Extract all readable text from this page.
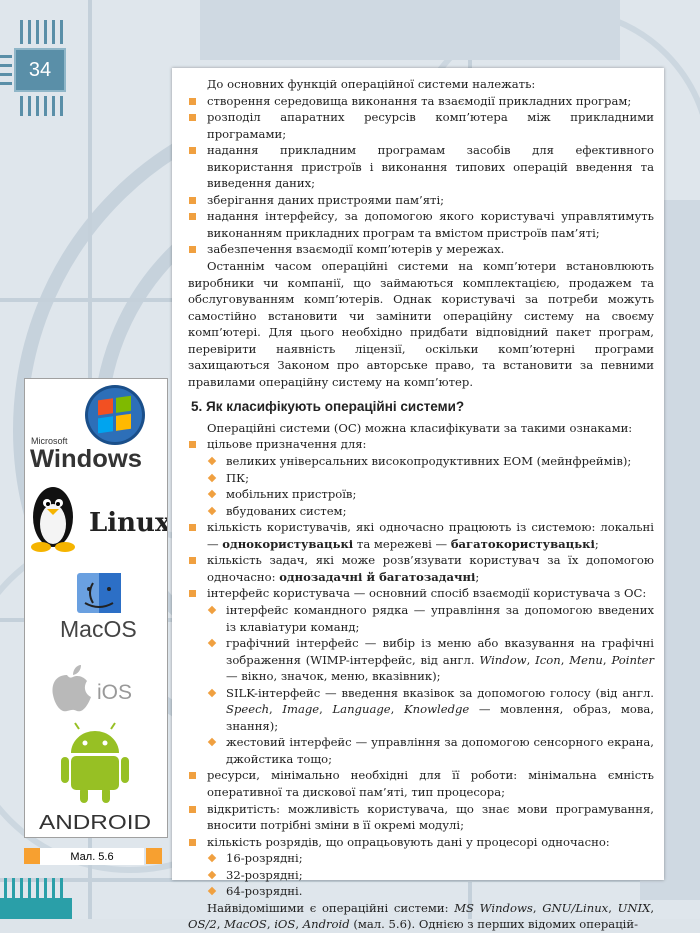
34

До основних функцій операційної системи належать:

створення середовища виконання та взаємодії прикладних програм;

розподіл апаратних ресурсів комп’ютера між прикладними програмами;

надання прикладним програмам засобів для ефективного використання пристроїв і виконання типових операцій введення та виведення даних;

зберігання даних пристроями пам’яті;

надання інтерфейсу, за допомогою якого користувачі управлятимуть виконанням прикладних програм та вмістом пристроїв пам’яті;

забезпечення взаємодії комп’ютерів у мережах.

Останнім часом операційні системи на комп’ютери встановлюють виробники чи компанії, що займаються комплектацією, продажем та обслуговуванням комп’ютерів. Однак користувачі за потреби можуть самостійно встановити чи замінити операційну систему на своєму комп’ютері. Для цього необхідно придбати відповідний пакет програм, перевірити наявність ліцензії, оскільки комп’ютерні програми захищаються Законом про авторське право, та встановити за певними правилами операційну систему на комп’ютер.

5. Як класифікують операційні системи?

Операційні системи (ОС) можна класифікувати за такими ознаками:

цільове призначення для:

великих універсальних високопродуктивних ЕОМ (мейнфреймів);

ПК;

мобільних пристроїв;

вбудованих систем;

кількість користувачів, які одночасно працюють із системою: локальні — однокористувацькі та мережеві — багатокористувацькі;

кількість задач, які може розв’язувати користувач за їх допомогою одночасно: однозадачні й багатозадачні;

інтерфейс користувача — основний спосіб взаємодії користувача з ОС:

інтерфейс командного рядка — управління за допомогою введених із клавіатури команд;

графічний інтерфейс — вибір із меню або вказування на графічні зображення (WIMP-інтерфейс, від англ. Window, Icon, Menu, Pointer — вікно, значок, меню, вказівник);

SILK-інтерфейс — введення вказівок за допомогою голосу (від англ. Speech, Image, Language, Knowledge — мовлення, образ, мова, знання);

жестовий інтерфейс — управління за допомогою сенсорного екрана, джойстика тощо;

ресурси, мінімально необхідні для її роботи: мінімальна ємність оперативної та дискової пам’яті, тип процесора;

відкритість: можливість користувача, що знає мови програмування, вносити потрібні зміни в її окремі модулі;

кількість розрядів, що опрацьовують дані у процесорі одночасно:

16-розрядні;

32-розрядні;

64-розрядні.

Найвідомішими є операційні системи: MS Windows, GNU/Linux, UNIX, OS/2, MacOS, iOS, Android (мал. 5.6). Однією з перших відомих операцій-

Microsoft
Windows
Linux
MacOS
iOS
ANDROID
Мал. 5.6
